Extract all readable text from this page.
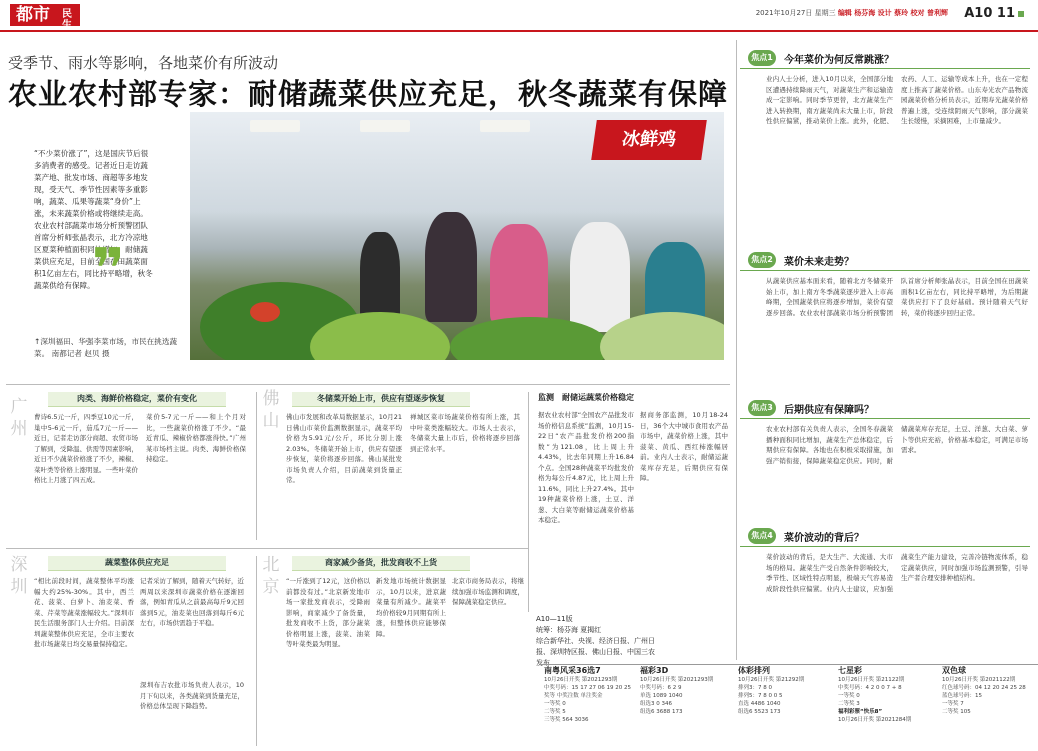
都市 民生
2021年10月27日 星期三 编辑 杨芬海 设计 蔡玲 校对 曾利辉 A10 11
受季节、雨水等影响，各地菜价有所波动
农业农村部专家：耐储蔬菜供应充足，秋冬蔬菜有保障
冰鲜鸡
“不少菜价涨了”，这是国庆节后很多消费者的感受。记者近日走访蔬菜产地、批发市场、商超等多地发现，受天气、季节性因素等多重影响，蔬菜、瓜果等蔬菜“身价”上涨，未来蔬菜价格或将继续走高。农业农村部蔬菜市场分析预警团队首席分析师张晶表示，北方冷凉地区夏菜种植面积同比增加，耐储蔬菜供应充足，目前全国在田蔬菜面积1亿亩左右，同比持平略增，秋冬蔬菜供给有保障。
❞
↑深圳福田、华强李菜市场，市民在挑选蔬菜。 南都记者 赵贝 摄
肉类、海鲜价格稳定，菜价有变化	冬储菜开始上市，供应有望逐步恢复	监测　 耐储运蔬菜价格稳定
广州
佛山
曹诗6.5元一斤，四季豆10元一斤，巢中5-6元一斤，茄瓜7元一斤——近日，记者走访部分商超、农贸市场了解到，受降温、供需等因素影响，近日不少蔬菜价格涨了不少，辣椒、菜叶类等价格上涨明显。一些叶菜价格比上月涨了四五成。
菜价5-7元一斤——和上个月对比，一些蔬菜价格涨了不少。“最近青瓜、辣椒价格都涨得快。”广州某市场档主说。肉类、海鲜价格保持稳定。
佛山市发展和改革局数据显示，10月21日佛山市菜价监测数据显示，蔬菜平均价格为5.91元/公斤，环比分别上涨2.03%。冬储菜开始上市，供应有望逐步恢复，菜价将逐步回落。佛山某批发市场负责人介绍，目前蔬菜到货量正常。
禅城区菜市场蔬菜价格有所上涨，其中叶菜类涨幅较大。市场人士表示，冬储菜大量上市后，价格将逐步回落到正常水平。
据农业农村部“全国农产品批发市场价格信息系统”监测，10月15-22日“农产品批发价格200指数”为121.08，比上周上升4.43%，比去年同期上升16.84个点。全国28种蔬菜平均批发价格为每公斤4.87元，比上周上升11.6%，同比上升27.4%。其中19种蔬菜价格上涨，土豆、洋葱、大白菜等耐储运蔬菜价格基本稳定。
据商务部监测，10月18-24日，36个大中城市食用农产品市场中，蔬菜价格上涨，其中菠菜、黄瓜、西红柿涨幅居前。业内人士表示，耐储运蔬菜库存充足，后期供应有保障。
蔬菜整体供应充足	商家减少备货，批发商收不上货
深圳
北京
“相比前段时间，蔬菜整体平均涨幅大约25%-30%。其中，西兰花、菠菜、白萝卜、油麦菜、香菜、芹菜等蔬菜涨幅较大。”深圳市民生活服务部门人士介绍。目前深圳蔬菜整体供应充足，全市主要农批市场蔬菜日均交易量保持稳定。
记者采访了解到，随着天气转好，近两周以来深圳市蔬菜价格在逐渐回落，例如青瓜从之前最高每斤9元回落到5元，油麦菜也回落到每斤6元左右，市场供需趋于平稳。
深圳布吉农批市场负责人表示，10月下旬以来，各类蔬菜到货量充足，价格总体呈现下降趋势。
“一斤涨到了12元，这价格以前都没有过。”北京新发地市场一家批发商表示，受降雨影响，商家减少了备货量，批发商收不上货，部分蔬菜价格明显上涨，菠菜、油菜等叶菜类最为明显。
新发地市场统计数据显示，10月以来，进京蔬菜量有所减少。蔬菜平均价格较9月同期有所上涨，但整体供应能够保障。
北京市商务局表示，将继续加强市场监测和调度，保障蔬菜稳定供应。
A10—11版
统筹：杨芬海 夏揭红
综合新华社、央视、经济日报、广州日报、深圳特区报、佛山日报、中国三农发布
焦点1	今年菜价为何反常跳涨？
业内人士分析，进入10月以来，全国部分地区遭遇持续降雨天气，对蔬菜生产和运输造成一定影响。同时季节更替，北方蔬菜生产进入转换期，南方蔬菜尚未大量上市，阶段性供应偏紧，推动菜价上涨。此外，化肥、农药、人工、运输等成本上升，也在一定程度上推高了蔬菜价格。山东寿光农产品物流园蔬菜价格分析员表示，近期寿光蔬菜价格普遍上涨，受连续阴雨天气影响，部分蔬菜生长缓慢，采摘困难，上市量减少。
焦点2	菜价未来走势？
从蔬菜供应基本面来看，随着北方冬储菜开始上市，加上南方冬季蔬菜逐步进入上市高峰期，全国蔬菜供应将逐步增加，菜价有望逐步回落。农业农村部蔬菜市场分析预警团队首席分析师张晶表示，目前全国在田蔬菜面积1亿亩左右，同比持平略增，为后期蔬菜供应打下了良好基础。预计随着天气好转，菜价将逐步回归正常。
焦点3	后期供应有保障吗？
农业农村部有关负责人表示，全国冬春蔬菜播种面积同比增加，蔬菜生产总体稳定，后期供应有保障。各地也在积极采取措施，加强产销衔接，保障蔬菜稳定供应。同时，耐储蔬菜库存充足，土豆、洋葱、大白菜、萝卜等供应充裕，价格基本稳定，可满足市场需求。
焦点4	菜价波动的背后？
菜价波动的背后，是大生产、大流通、大市场的格局。蔬菜生产受自然条件影响较大，季节性、区域性特点明显，极端天气容易造成阶段性供应偏紧。业内人士建议，应加强蔬菜生产能力建设，完善冷链物流体系，稳定蔬菜供应，同时加强市场监测预警，引导生产者合理安排种植结构。
南粤风采36选7
10月26日开奖 第2021293期
中奖号码：15 17 27 06 19 20 25
奖等 中奖注数 单注奖金
一等奖 0
二等奖 5
三等奖 564 3036
福彩3D
10月26日开奖 第2021293期
中奖号码：6 2 9
单选 1089 1040
组选3 0 346
组选6 3688 173
体彩排列
10月26日开奖 第21292期
排列3：7 8 0
排列5：7 8 0 0 5
直选 4486 1040
组选6 5523 173
七星彩
10月26日开奖 第21122期
中奖号码：4 2 0 0 7 + 8
一等奖 0
二等奖 3
福利彩票“快乐8”
10月26日开奖 第2021284期
双色球
10月26日开奖 第2021122期
红色球号码：04 12 20 24 25 28
蓝色球号码：15
一等奖 7
二等奖 105
